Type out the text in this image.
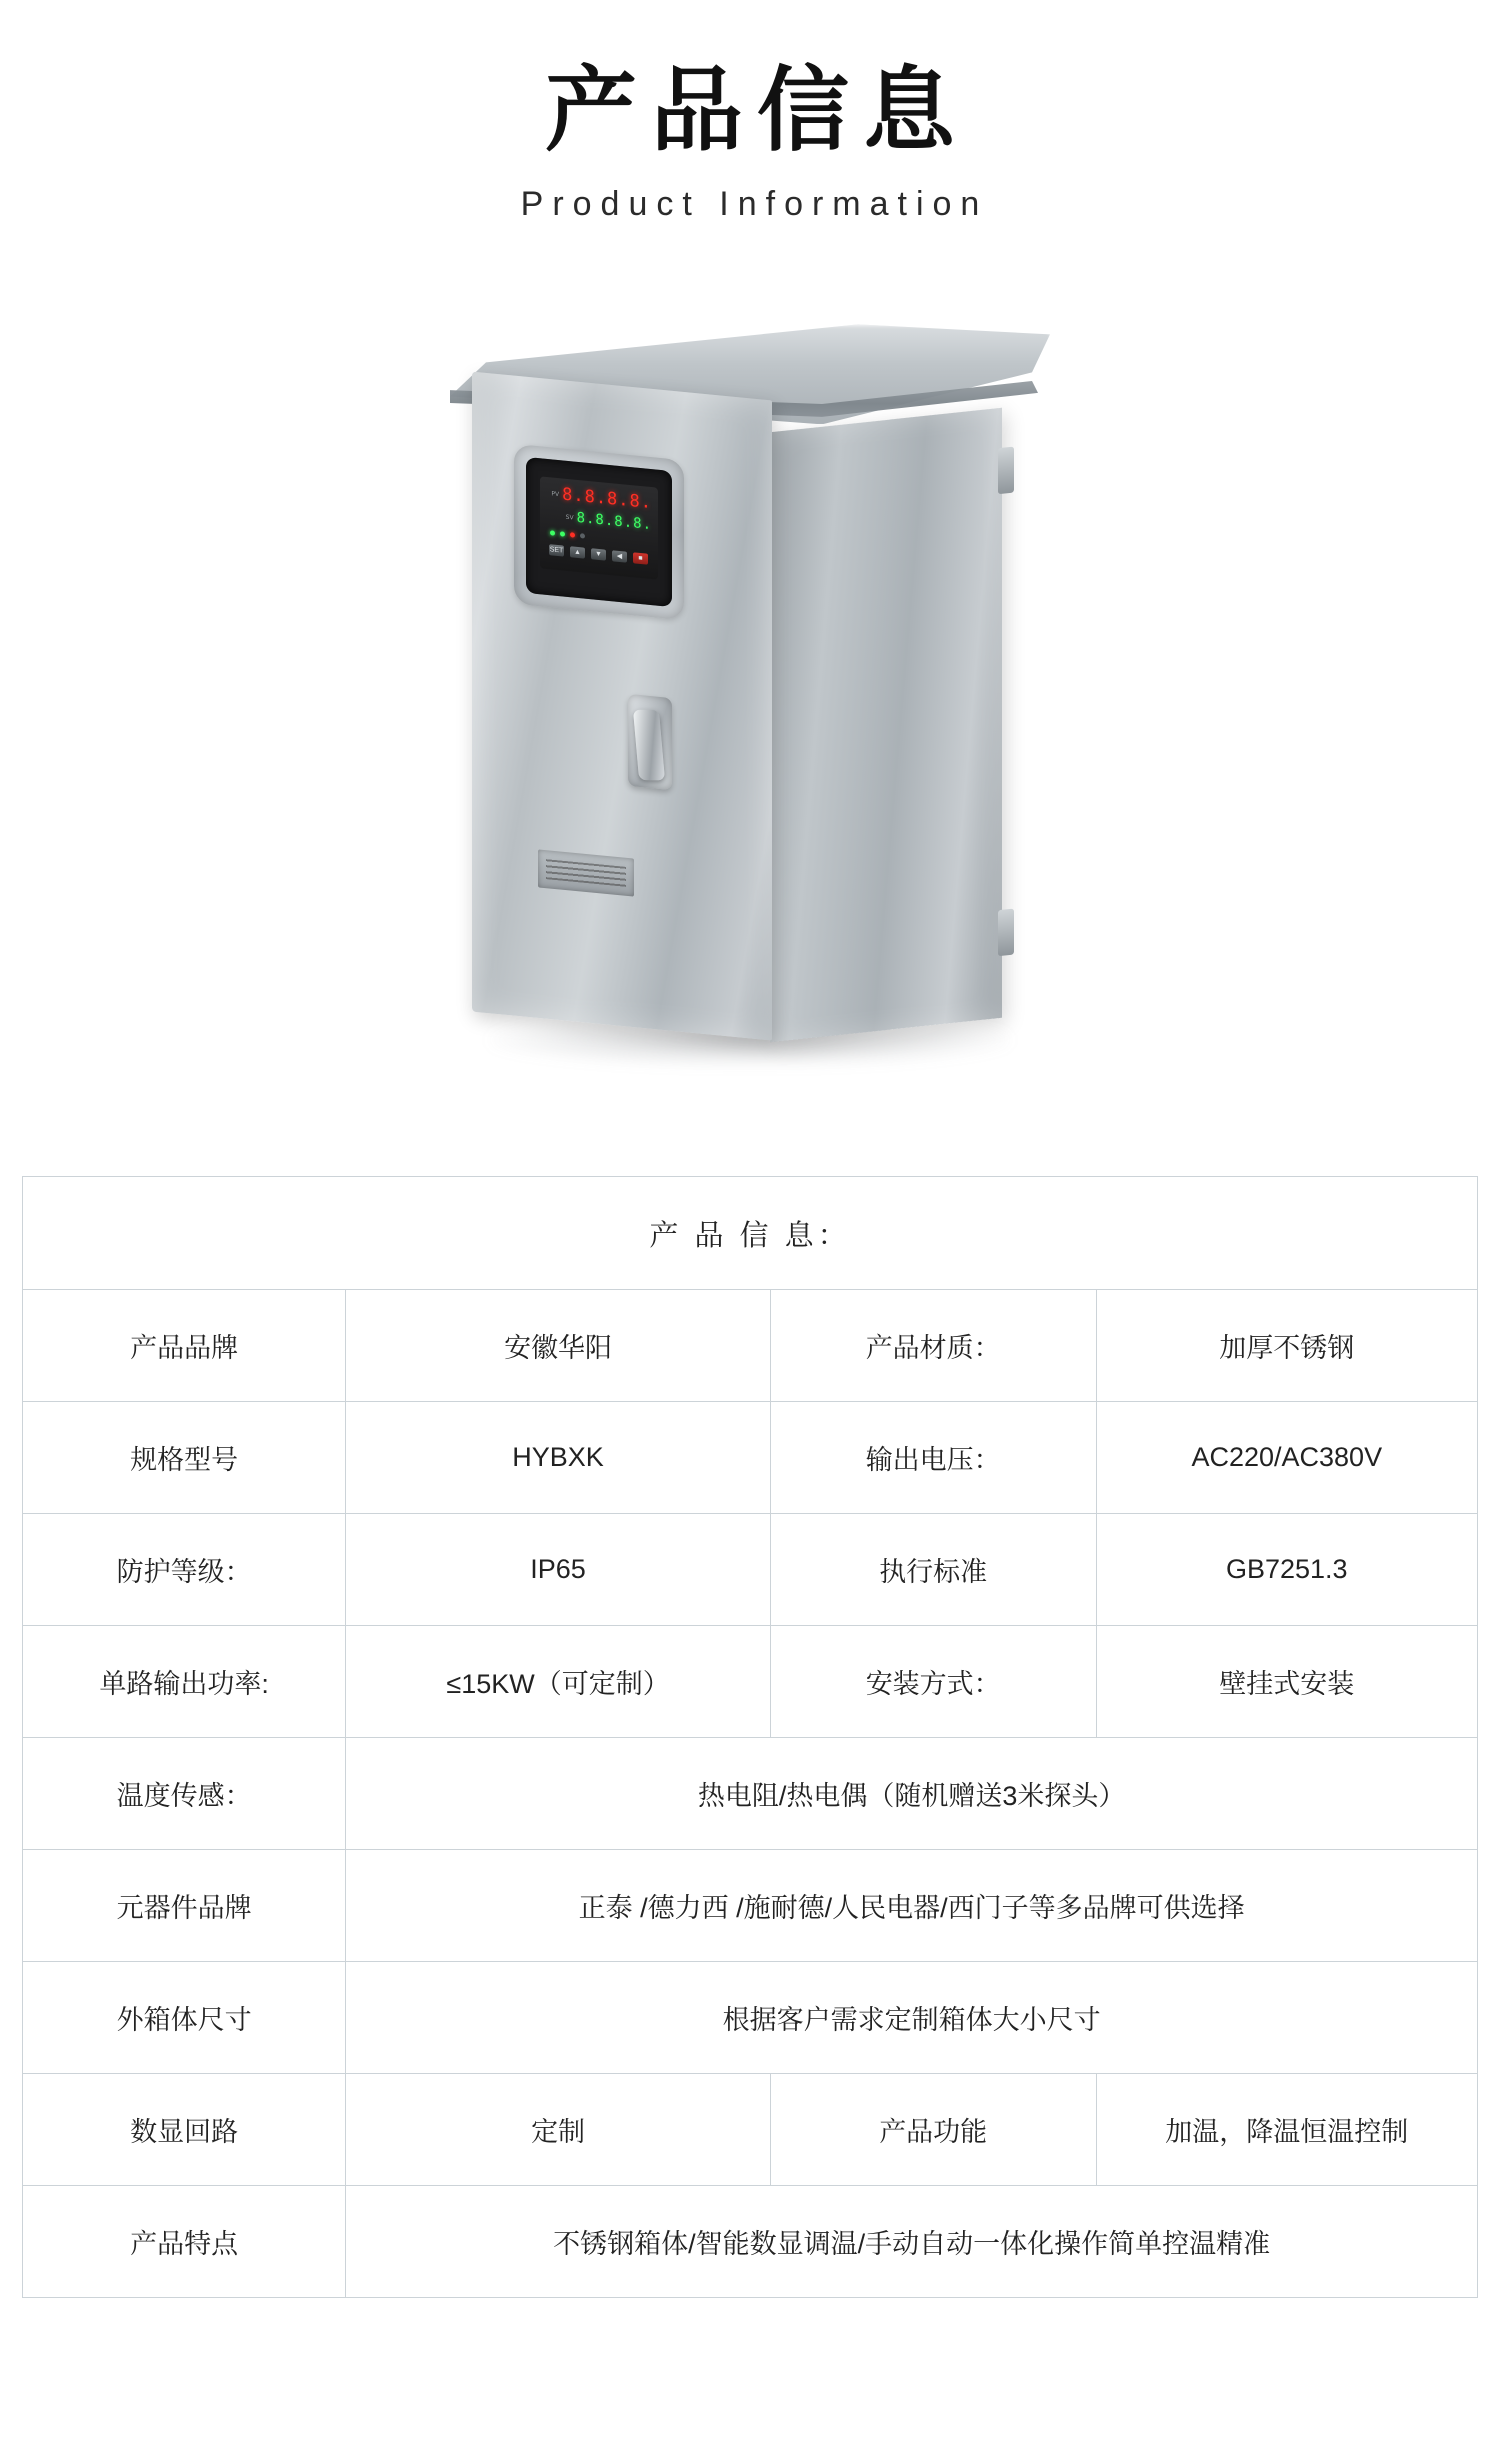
产品信息
Product Information
PV 8.8.8.8.
SV 8.8.8.8.
SET	▲	▼	◀	■
产 品 信 息：			
产品品牌	安徽华阳	产品材质：	加厚不锈钢
规格型号	HYBXK	输出电压：	AC220/AC380V
防护等级：	IP65	执行标准	GB7251.3
单路输出功率:	≤15KW（可定制）	安装方式：	壁挂式安装
温度传感：	热电阻/热电偶（随机赠送3米探头）		
元器件品牌	正泰 /德力西 /施耐德/人民电器/西门子等多品牌可供选择		
外箱体尺寸	根据客户需求定制箱体大小尺寸		
数显回路	定制	产品功能	加温，降温恒温控制
产品特点	不锈钢箱体/智能数显调温/手动自动一体化操作简单控温精准		
